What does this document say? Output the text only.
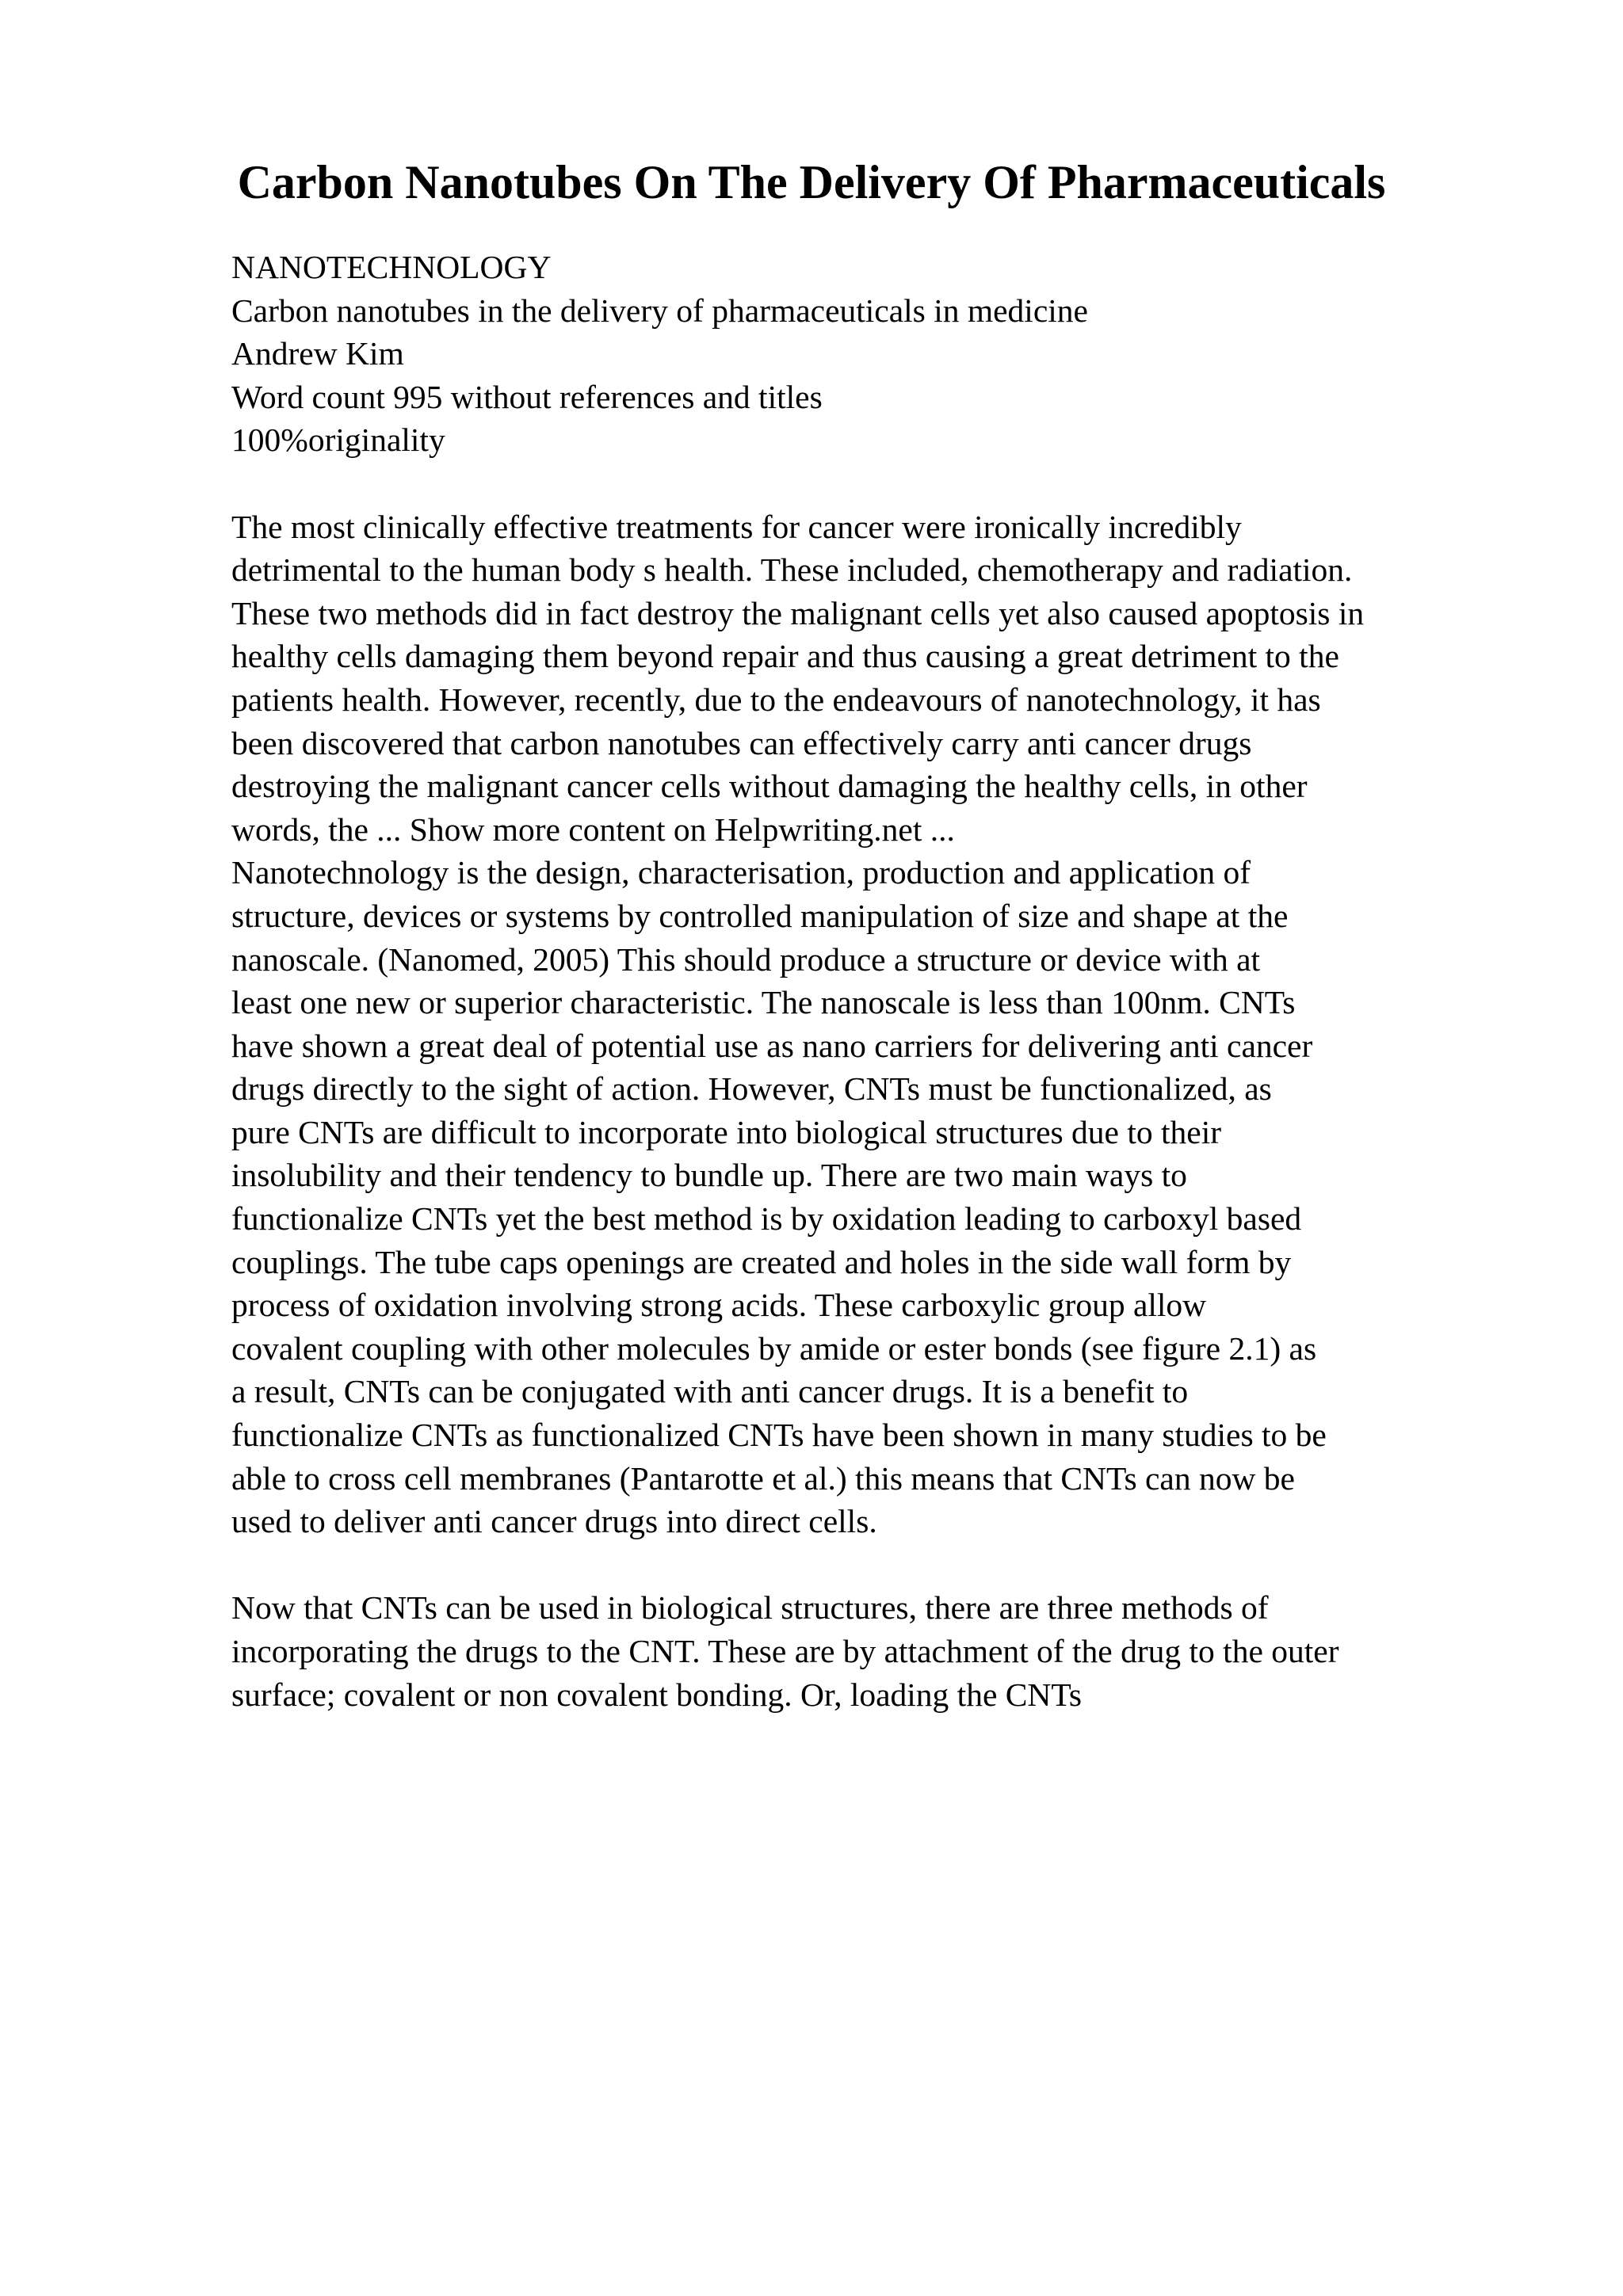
Carbon Nanotubes On The Delivery Of Pharmaceuticals
NANOTECHNOLOGY
Carbon nanotubes in the delivery of pharmaceuticals in medicine
Andrew Kim
Word count 995 without references and titles
100%originality
The most clinically effective treatments for cancer were ironically incredibly
detrimental to the human body s health. These included, chemotherapy and radiation.
These two methods did in fact destroy the malignant cells yet also caused apoptosis in
healthy cells damaging them beyond repair and thus causing a great detriment to the
patients health. However, recently, due to the endeavours of nanotechnology, it has
been discovered that carbon nanotubes can effectively carry anti cancer drugs
destroying the malignant cancer cells without damaging the healthy cells, in other
words, the ... Show more content on Helpwriting.net ...
Nanotechnology is the design, characterisation, production and application of
structure, devices or systems by controlled manipulation of size and shape at the
nanoscale. (Nanomed, 2005) This should produce a structure or device with at
least one new or superior characteristic. The nanoscale is less than 100nm. CNTs
have shown a great deal of potential use as nano carriers for delivering anti cancer
drugs directly to the sight of action. However, CNTs must be functionalized, as
pure CNTs are difficult to incorporate into biological structures due to their
insolubility and their tendency to bundle up. There are two main ways to
functionalize CNTs yet the best method is by oxidation leading to carboxyl based
couplings. The tube caps openings are created and holes in the side wall form by
process of oxidation involving strong acids. These carboxylic group allow
covalent coupling with other molecules by amide or ester bonds (see figure 2.1) as
a result, CNTs can be conjugated with anti cancer drugs. It is a benefit to
functionalize CNTs as functionalized CNTs have been shown in many studies to be
able to cross cell membranes (Pantarotte et al.) this means that CNTs can now be
used to deliver anti cancer drugs into direct cells.
Now that CNTs can be used in biological structures, there are three methods of
incorporating the drugs to the CNT. These are by attachment of the drug to the outer
surface; covalent or non covalent bonding. Or, loading the CNTs
